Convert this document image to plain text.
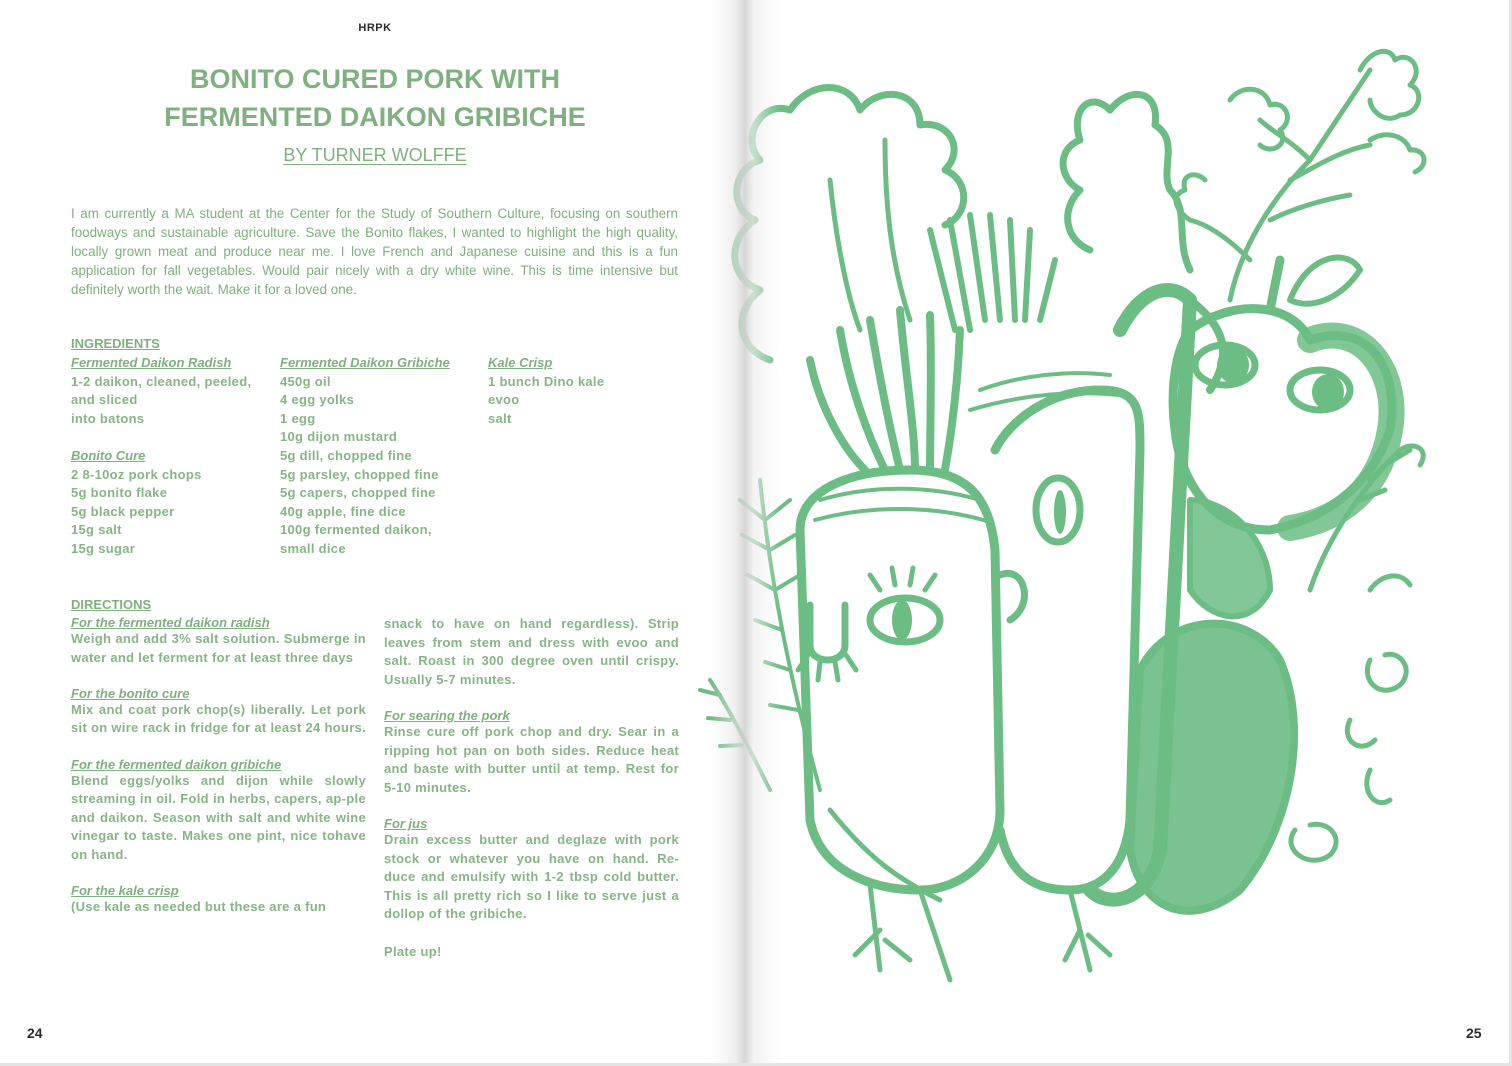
HRPK
BONITO CURED PORK WITH
FERMENTED DAIKON GRIBICHE
BY TURNER WOLFFE

I am currently a MA student at the Center for the Study of Southern Culture, focusing on southern foodways and sustainable agriculture. Save the Bonito flakes, I wanted to highlight the high quality, locally grown meat and produce near me. I love French and Japanese cuisine and this is a fun application for fall vegetables. Would pair nicely with a dry white wine. This is time intensive but definitely worth the wait. Make it for a loved one.

INGREDIENTS
Fermented Daikon Radish
1-2 daikon, cleaned, peeled,
and sliced
into batons
Bonito Cure
2 8-10oz pork chops
5g bonito flake
5g black pepper
15g salt
15g sugar
Fermented Daikon Gribiche
450g oil
4 egg yolks
1 egg
10g dijon mustard
5g dill, chopped fine
5g parsley, chopped fine
5g capers, chopped fine
40g apple, fine dice
100g fermented daikon,
small dice
Kale Crisp
1 bunch Dino kale
evoo
salt
DIRECTIONS
For the fermented daikon radish
Weigh and add 3% salt solution. Submerge in water and let ferment for at least three days
For the bonito cure
Mix and coat pork chop(s) liberally. Let pork sit on wire rack in fridge for at least 24 hours.
For the fermented daikon gribiche
Blend eggs/yolks and dijon while slowly streaming in oil. Fold in herbs, capers, ap-ple and daikon. Season with salt and white wine vinegar to taste. Makes one pint, nice tohave on hand.
For the kale crisp
(Use kale as needed but these are a fun
snack to have on hand regardless). Strip leaves from stem and dress with evoo and salt. Roast in 300 degree oven until crispy. Usually 5-7 minutes.
For searing the pork
Rinse cure off pork chop and dry. Sear in a ripping hot pan on both sides. Reduce heat and baste with butter until at temp. Rest for 5-10 minutes.
For jus
Drain excess butter and deglaze with pork stock or whatever you have on hand. Re-duce and emulsify with 1-2 tbsp cold butter. This is all pretty rich so I like to serve just a dollop of the gribiche.
Plate up!
24	25
